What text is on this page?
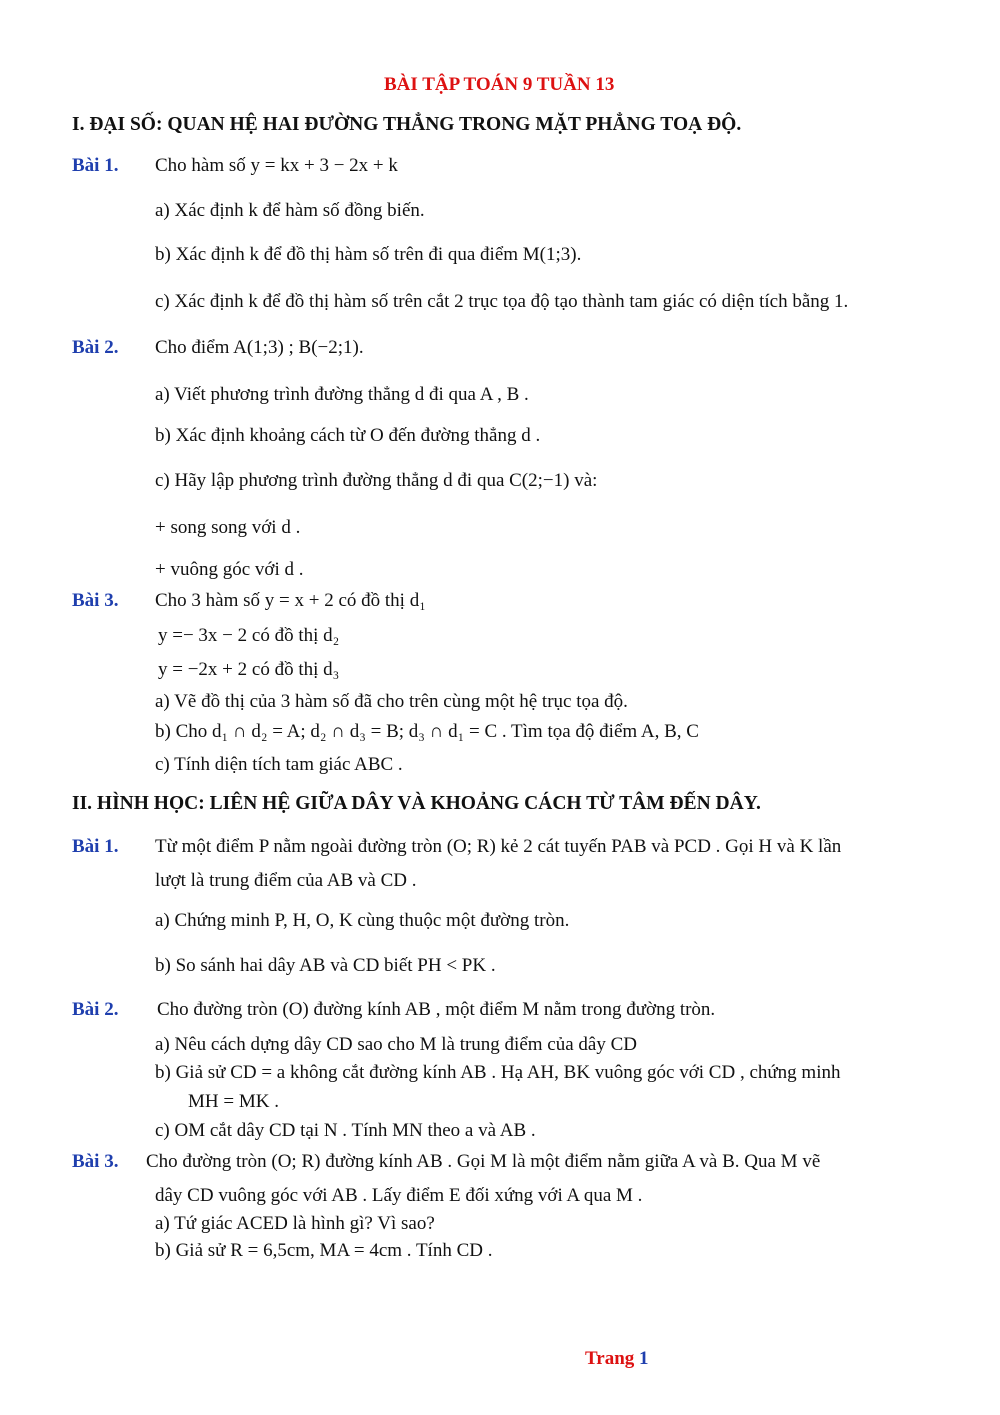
BÀI TẬP TOÁN 9 TUẦN 13
I. ĐẠI SỐ: QUAN HỆ HAI ĐƯỜNG THẲNG TRONG MẶT PHẲNG TOẠ ĐỘ.
Bài 1. Cho hàm số y = kx + 3 − 2x + k
a) Xác định k để hàm số đồng biến.
b) Xác định k để đồ thị hàm số trên đi qua điểm M(1;3).
c) Xác định k để đồ thị hàm số trên cắt 2 trục tọa độ tạo thành tam giác có diện tích bằng 1.
Bài 2. Cho điểm A(1;3) ; B(−2;1).
a) Viết phương trình đường thẳng d đi qua A , B .
b) Xác định khoảng cách từ O đến đường thẳng d .
c) Hãy lập phương trình đường thẳng d đi qua C(2;−1) và:
+ song song với d .
+ vuông góc với d .
Bài 3. Cho 3 hàm số y = x + 2 có đồ thị d₁
y =− 3x − 2 có đồ thị d₂
y = −2x + 2 có đồ thị d₃
a) Vẽ đồ thị của 3 hàm số đã cho trên cùng một hệ trục tọa độ.
b) Cho d₁ ∩ d₂ = A; d₂ ∩ d₃ = B; d₃ ∩ d₁ = C . Tìm tọa độ điểm A, B, C
c) Tính diện tích tam giác ABC .
II. HÌNH HỌC: LIÊN HỆ GIỮA DÂY VÀ KHOẢNG CÁCH TỪ TÂM ĐẾN DÂY.
Bài 1. Từ một điểm P nằm ngoài đường tròn (O; R) kẻ 2 cát tuyến PAB và PCD . Gọi H và K lần
lượt là trung điểm của AB và CD .
a) Chứng minh P, H, O, K cùng thuộc một đường tròn.
b) So sánh hai dây AB và CD biết PH < PK .
Bài 2. Cho đường tròn (O) đường kính AB , một điểm M nằm trong đường tròn.
a) Nêu cách dựng dây CD sao cho M là trung điểm của dây CD
b) Giả sử CD = a không cắt đường kính AB . Hạ AH, BK vuông góc với CD , chứng minh
MH = MK .
c) OM cắt dây CD tại N . Tính MN theo a và AB .
Bài 3. Cho đường tròn (O; R) đường kính AB . Gọi M là một điểm nằm giữa A và B. Qua M vẽ
dây CD vuông góc với AB . Lấy điểm E đối xứng với A qua M .
a) Tứ giác ACED là hình gì? Vì sao?
b) Giả sử R = 6,5cm, MA = 4cm . Tính CD .
Trang 1
